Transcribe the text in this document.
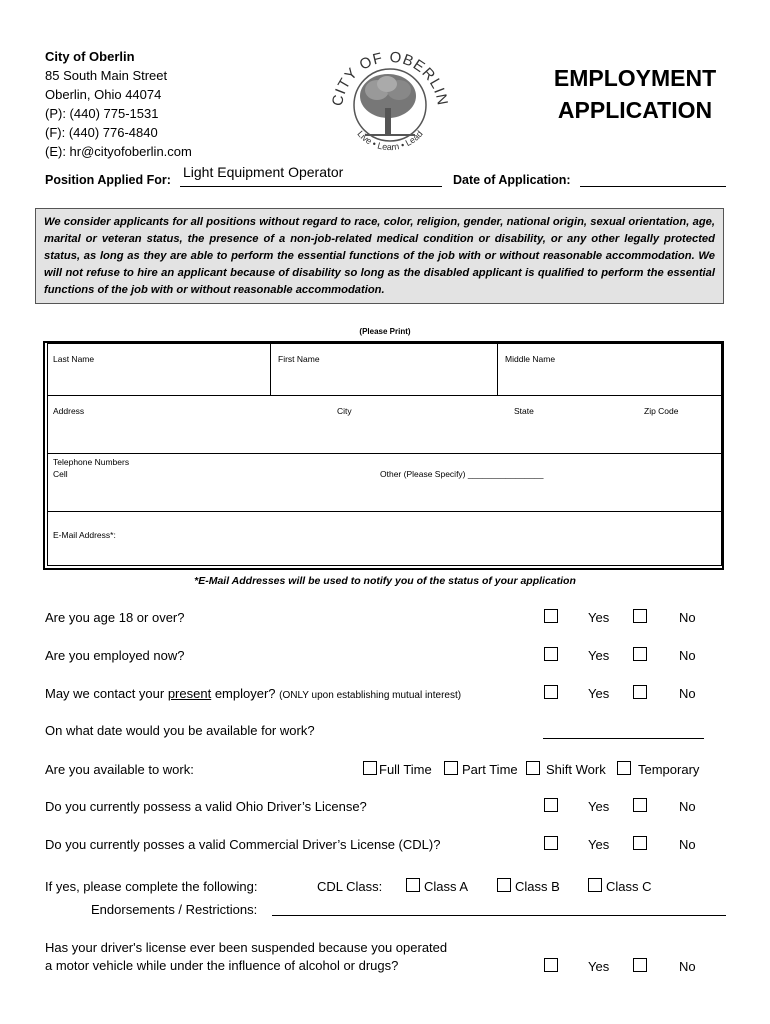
City of Oberlin
85 South Main Street
Oberlin, Ohio 44074
(P): (440) 775-1531
(F): (440) 776-4840
(E): hr@cityofoberlin.com
CITY OF OBERLIN
Live • Learn • Lead
EMPLOYMENT
APPLICATION
Position Applied For: Light Equipment Operator	Date of Application:
We consider applicants for all positions without regard to race, color, religion, gender, national origin, sexual orientation, age, marital or veteran status, the presence of a non-job-related medical condition or disability, or any other legally protected status, as long as they are able to perform the essential functions of the job with or without reasonable accommodation. We will not refuse to hire an applicant because of disability so long as the disabled applicant is qualified to perform the essential functions of the job with or without reasonable accommodation.
(Please Print)
Last Name	First Name	Middle Name
Address	City	State	Zip Code
Telephone Numbers
Cell	Other (Please Specify) ________________
E-Mail Address*:
*E-Mail Addresses will be used to notify you of the status of your application
Are you age 18 or over?	Yes	No
Are you employed now?	Yes	No
May we contact your present employer? (ONLY upon establishing mutual interest)	Yes	No
On what date would you be available for work?
Are you available to work:	Full Time Part Time Shift Work Temporary
Do you currently possess a valid Ohio Driver’s License?	Yes	No
Do you currently posses a valid Commercial Driver’s License (CDL)?	Yes	No
If yes, please complete the following:	CDL Class:	Class A	Class B	Class C
Endorsements / Restrictions:
Has your driver's license ever been suspended because you operated
a motor vehicle while under the influence of alcohol or drugs?	Yes	No
